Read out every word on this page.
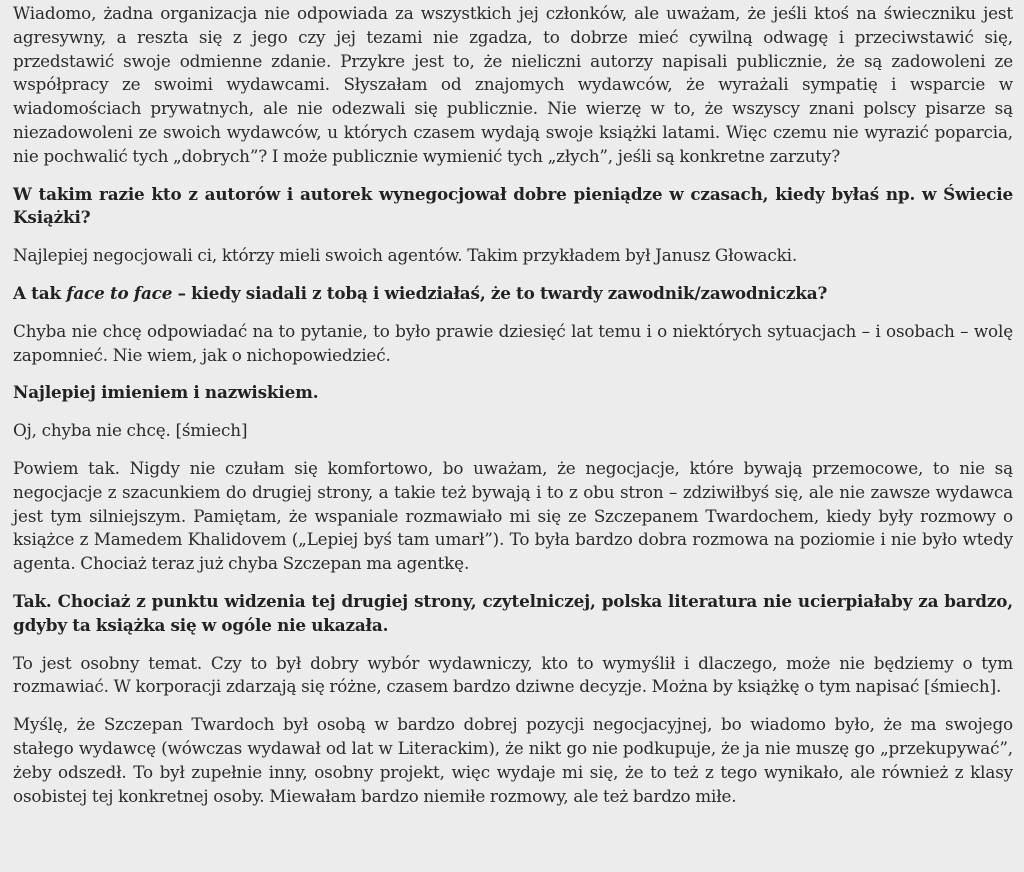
Wiadomo, żadna organizacja nie odpowiada za wszystkich jej członków, ale uważam, że jeśli ktoś na świeczniku jest agresywny, a reszta się z jego czy jej tezami nie zgadza, to dobrze mieć cywilną odwagę i przeciwstawić się, przedstawić swoje odmienne zdanie. Przykre jest to, że nieliczni autorzy napisali publicznie, że są zadowoleni ze współpracy ze swoimi wydawcami. Słyszałam od znajomych wydawców, że wyrażali sympatię i wsparcie w wiadomościach prywatnych, ale nie odezwali się publicznie. Nie wierzę w to, że wszyscy znani polscy pisarze są niezadowoleni ze swoich wydawców, u których czasem wydają swoje książki latami. Więc czemu nie wyrazić poparcia, nie pochwalić tych „dobrych”? I może publicznie wymienić tych „złych”, jeśli są konkretne zarzuty?

W takim razie kto z autorów i autorek wynegocjował dobre pieniądze w czasach, kiedy byłaś np. w Świecie Książki?

Najlepiej negocjowali ci, którzy mieli swoich agentów. Takim przykładem był Janusz Głowacki.

A tak face to face – kiedy siadali z tobą i wiedziałaś, że to twardy zawodnik/zawodniczka?

Chyba nie chcę odpowiadać na to pytanie, to było prawie dziesięć lat temu i o niektórych sytuacjach – i osobach – wolę zapomnieć. Nie wiem, jak o nichopowiedzieć.

Najlepiej imieniem i nazwiskiem.

Oj, chyba nie chcę. [śmiech]

Powiem tak. Nigdy nie czułam się komfortowo, bo uważam, że negocjacje, które bywają przemocowe, to nie są negocjacje z szacunkiem do drugiej strony, a takie też bywają i to z obu stron – zdziwiłbyś się, ale nie zawsze wydawca jest tym silniejszym. Pamiętam, że wspaniale rozmawiało mi się ze Szczepanem Twardochem, kiedy były rozmowy o książce z Mamedem Khalidovem („Lepiej byś tam umarł”). To była bardzo dobra rozmowa na poziomie i nie było wtedy agenta. Chociaż teraz już chyba Szczepan ma agentkę.

Tak. Chociaż z punktu widzenia tej drugiej strony, czytelniczej, polska literatura nie ucierpiałaby za bardzo, gdyby ta książka się w ogóle nie ukazała.

To jest osobny temat. Czy to był dobry wybór wydawniczy, kto to wymyślił i dlaczego, może nie będziemy o tym rozmawiać. W korporacji zdarzają się różne, czasem bardzo dziwne decyzje. Można by książkę o tym napisać [śmiech].

Myślę, że Szczepan Twardoch był osobą w bardzo dobrej pozycji negocjacyjnej, bo wiadomo było, że ma swojego stałego wydawcę (wówczas wydawał od lat w Literackim), że nikt go nie podkupuje, że ja nie muszę go „przekupywać”, żeby odszedł. To był zupełnie inny, osobny projekt, więc wydaje mi się, że to też z tego wynikało, ale również z klasy osobistej tej konkretnej osoby. Miewałam bardzo niemiłe rozmowy, ale też bardzo miłe.
